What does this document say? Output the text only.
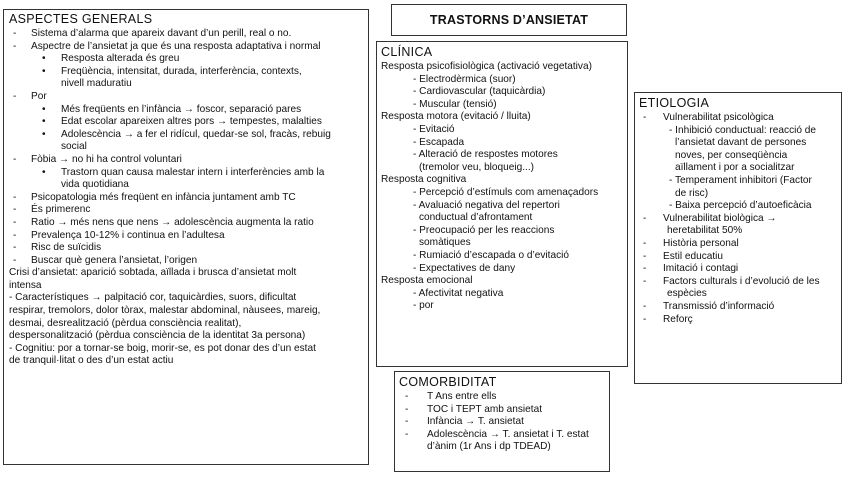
TRASTORNS D’ANSIETAT
ASPECTES GENERALS
- Sistema d’alarma que apareix davant d’un perill, real o no.
- Aspectre de l’ansietat ja que és una resposta adaptativa i normal
• Resposta alterada és greu
• Freqüència, intensitat, durada, interferència, contexts,
nivell maduratiu
- Por
• Més freqüents en l’infància → foscor, separació pares
• Edat escolar apareixen altres pors → tempestes, malalties
• Adolescència → a fer el ridícul, quedar-se sol, fracàs, rebuig
social
- Fòbia → no hi ha control voluntari
• Trastorn quan causa malestar intern i interferències amb la
vida quotidiana
- Psicopatologia més freqüent en infància juntament amb TC
- És primerenc
- Ratio → més nens que nens → adolescència augmenta la ratio
- Prevalença 10-12% i continua en l’adultesa
- Risc de suïcidis
- Buscar què genera l’ansietat, l’origen
Crisi d’ansietat: aparició sobtada, aïllada i brusca d’ansietat molt
intensa
- Característiques → palpitació cor, taquicàrdies, suors, dificultat
respirar, tremolors, dolor tòrax, malestar abdominal, nàusees, mareig,
desmai, desrealització (pèrdua consciència realitat),
despersonalització (pèrdua consciència de la identitat 3a persona)
- Cognitiu: por a tornar-se boig, morir-se, es pot donar des d’un estat
de tranquil·litat o des d’un estat actiu
CLÍNICA
Resposta psicofisiològica (activació vegetativa)
- Electrodèrmica (suor)
- Cardiovascular (taquicàrdia)
- Muscular (tensió)
Resposta motora (evitació / lluita)
- Evitació
- Escapada
- Alteració de respostes motores
(tremolor veu, bloqueig...)
Resposta cognitiva
- Percepció d’estímuls com amenaçadors
- Avaluació negativa del repertori
conductual d’afrontament
- Preocupació per les reaccions
somàtiques
- Rumiació d’escapada o d’evitació
- Expectatives de dany
Resposta emocional
- Afectivitat negativa
- por
COMORBIDITAT
- T Ans entre ells
- TOC i TEPT amb ansietat
- Infància → T. ansietat
- Adolescència → T. ansietat i T. estat
d’ànim (1r Ans i dp TDEAD)
ETIOLOGIA
- Vulnerabilitat psicològica
- Inhibició conductual: reacció de
l’ansietat davant de persones
noves, per conseqüència
aïllament i por a socialitzar
- Temperament inhibitori (Factor
de risc)
- Baixa percepció d’autoeficàcia
- Vulnerabilitat biològica →
heretabilitat 50%
- Història personal
- Estil educatiu
- Imitació i contagi
- Factors culturals i d’evolució de les
espècies
- Transmissió d’informació
- Reforç
